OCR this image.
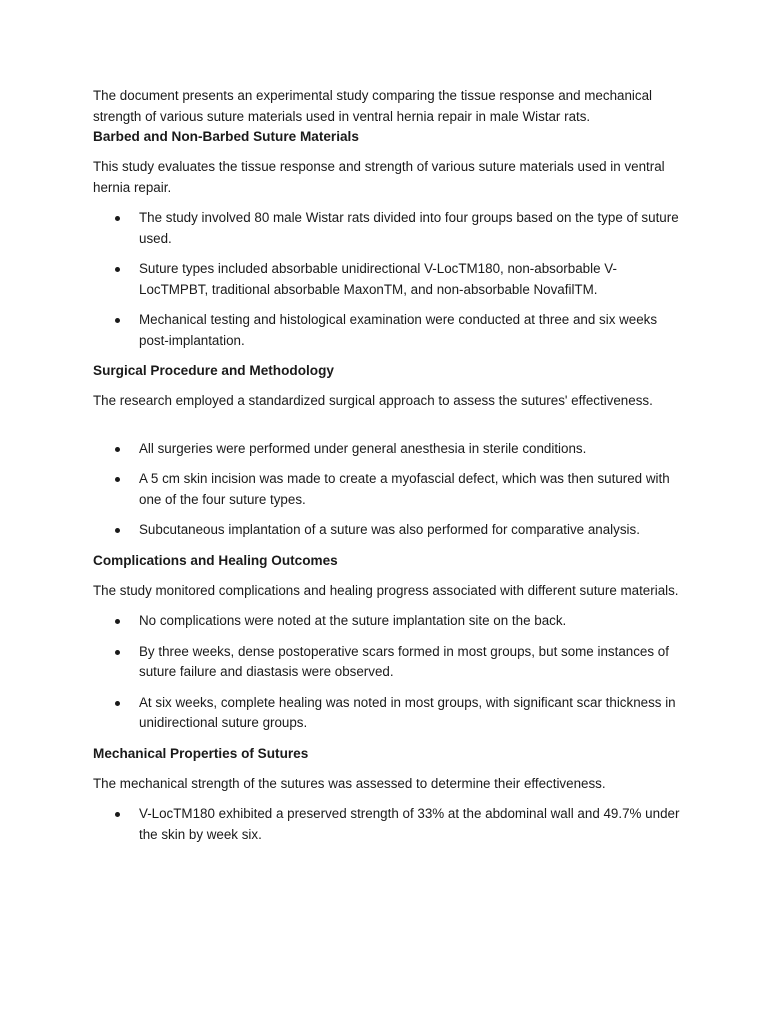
The document presents an experimental study comparing the tissue response and mechanical strength of various suture materials used in ventral hernia repair in male Wistar rats.

Barbed and Non-Barbed Suture Materials

This study evaluates the tissue response and strength of various suture materials used in ventral hernia repair.

The study involved 80 male Wistar rats divided into four groups based on the type of suture used.
Suture types included absorbable unidirectional V-LocTM180, non-absorbable V-LocTMPBT, traditional absorbable MaxonTM, and non-absorbable NovafilTM.
Mechanical testing and histological examination were conducted at three and six weeks post-implantation.
Surgical Procedure and Methodology

The research employed a standardized surgical approach to assess the sutures' effectiveness.

All surgeries were performed under general anesthesia in sterile conditions.
A 5 cm skin incision was made to create a myofascial defect, which was then sutured with one of the four suture types.
Subcutaneous implantation of a suture was also performed for comparative analysis.
Complications and Healing Outcomes

The study monitored complications and healing progress associated with different suture materials.

No complications were noted at the suture implantation site on the back.
By three weeks, dense postoperative scars formed in most groups, but some instances of suture failure and diastasis were observed.
At six weeks, complete healing was noted in most groups, with significant scar thickness in unidirectional suture groups.
Mechanical Properties of Sutures

The mechanical strength of the sutures was assessed to determine their effectiveness.

V-LocTM180 exhibited a preserved strength of 33% at the abdominal wall and 49.7% under the skin by week six.
